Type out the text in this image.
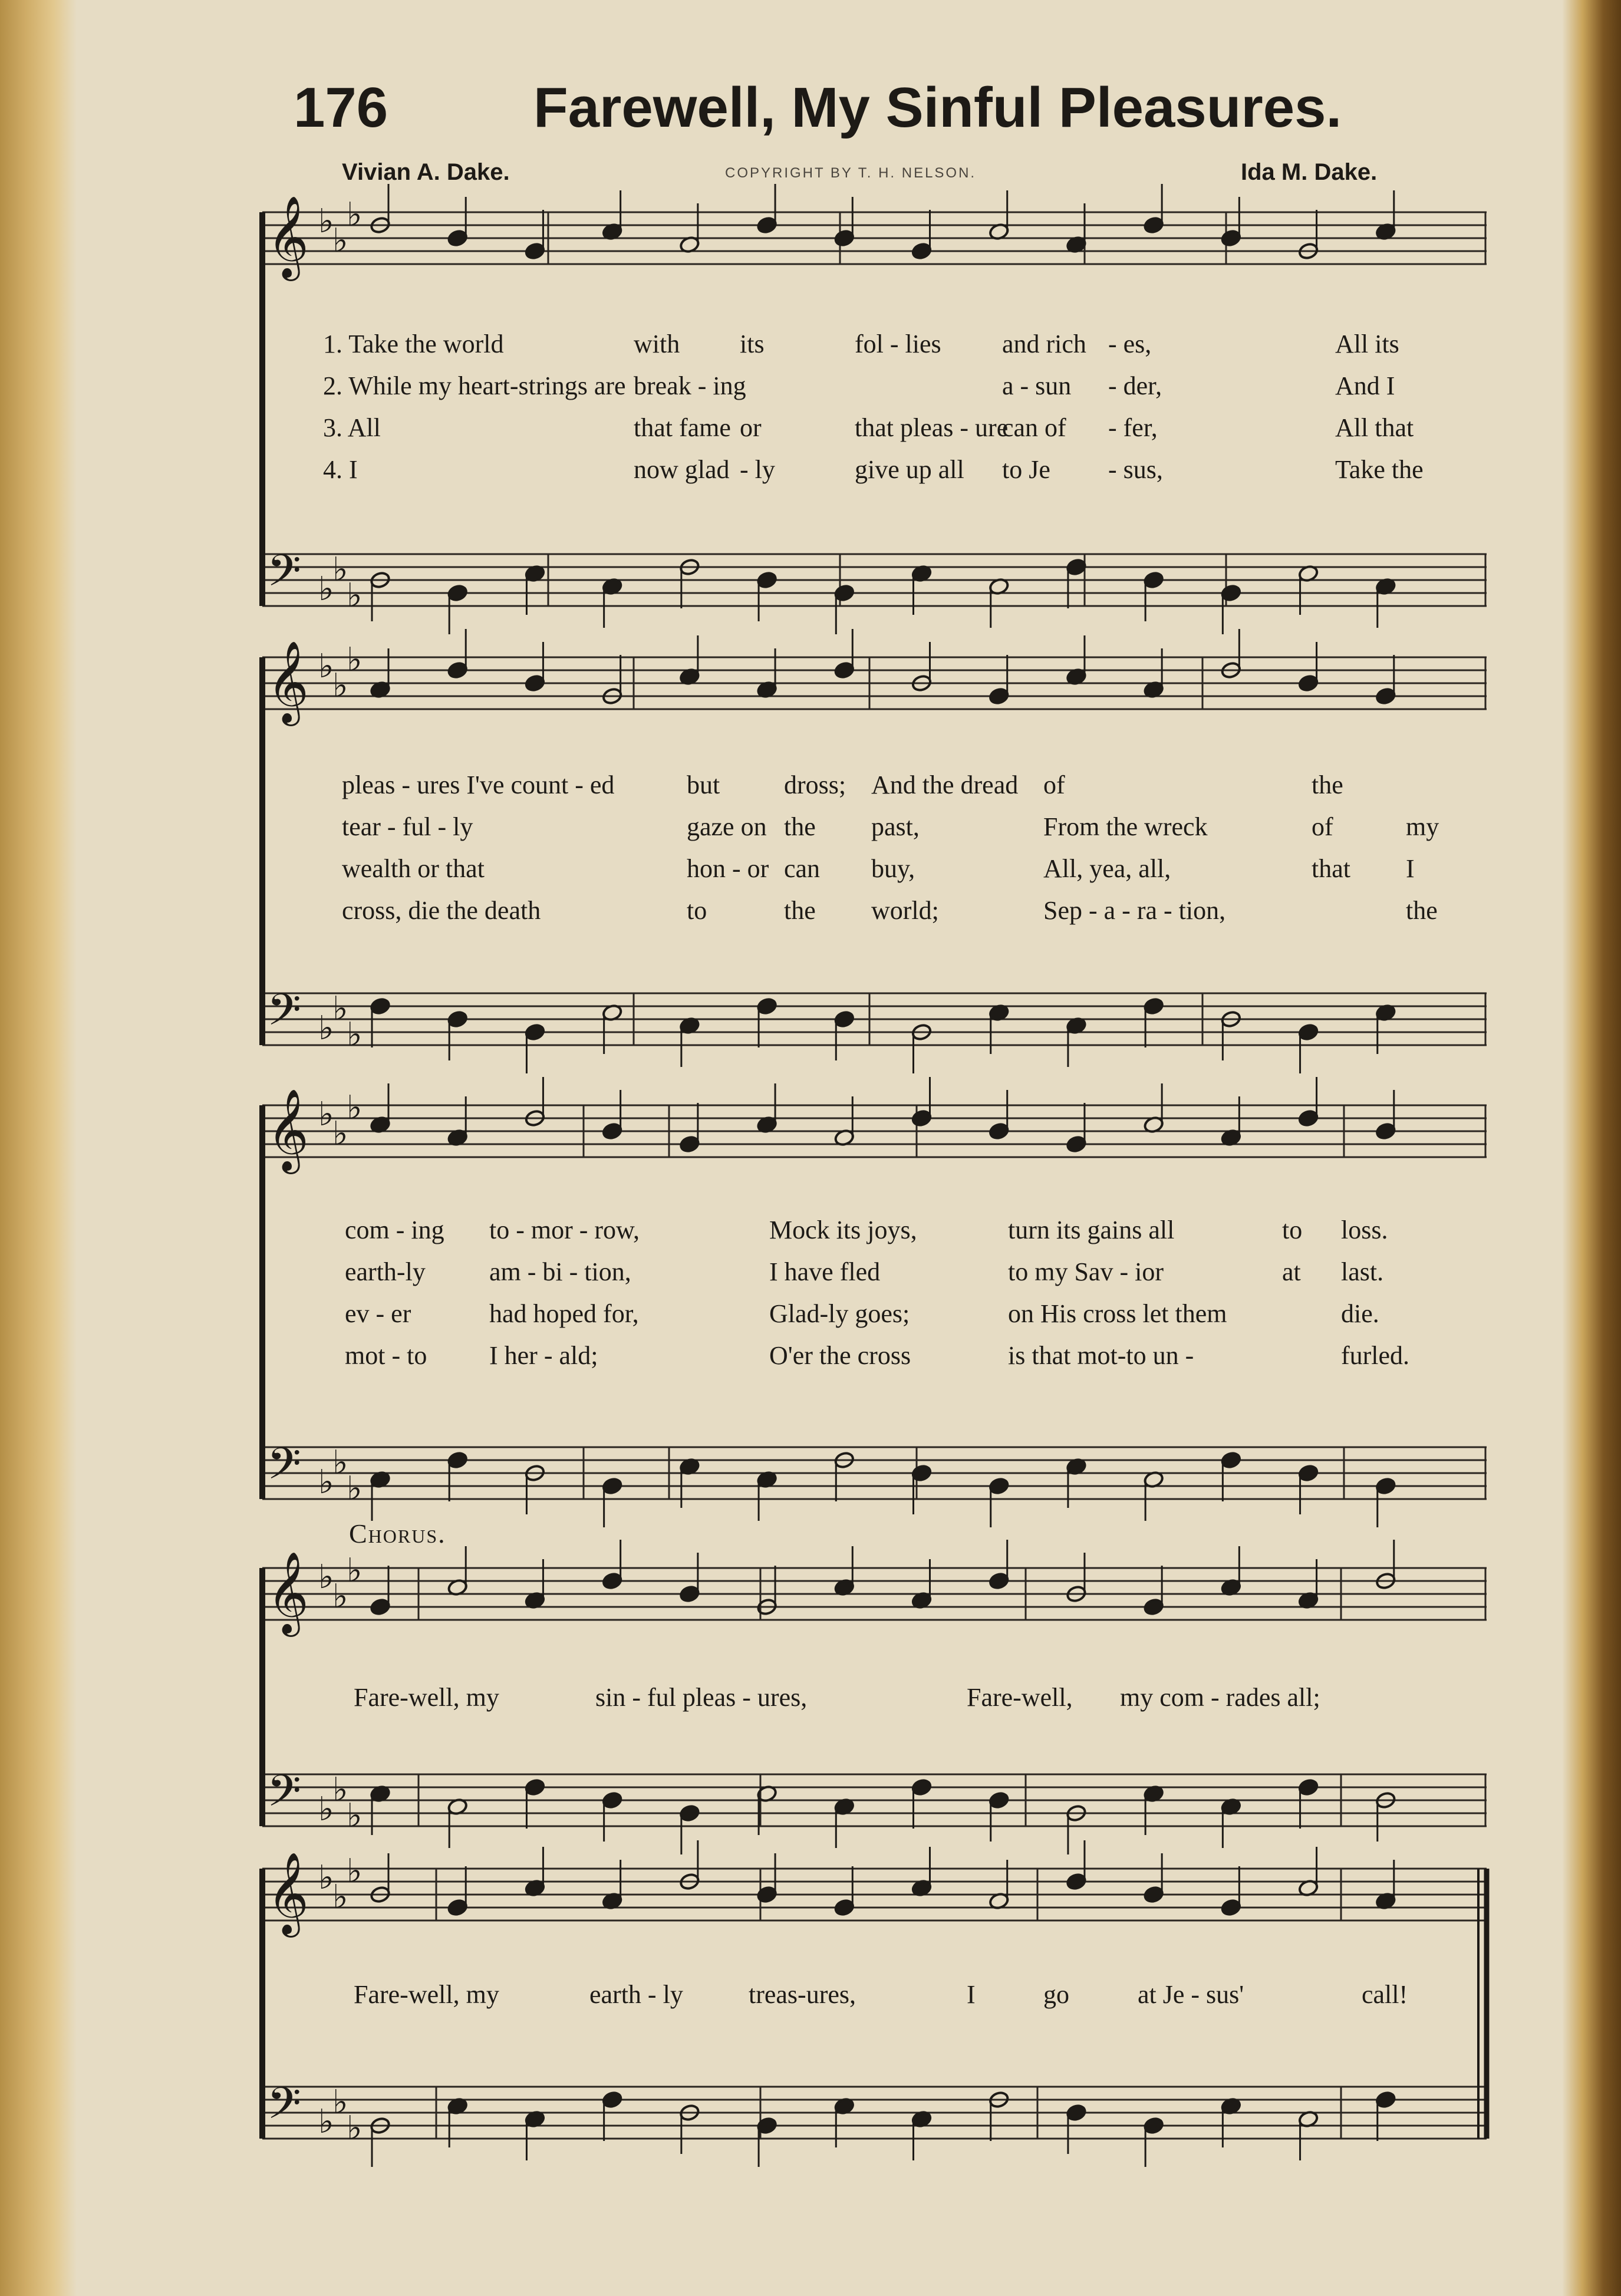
176	Farewell, My Sinful Pleasures.
Vivian A. Dake.	COPYRIGHT BY T. H. NELSON.	Ida M. Dake.
𝄞 ♭
♭
♭
𝄢 ♭
♭
♭
𝄞 ♭
♭
♭
𝄢 ♭
♭
♭
𝄞 ♭
♭
♭
𝄢 ♭
♭
♭
𝄞 ♭
♭
♭
𝄢 ♭
♭
♭
𝄞 ♭
♭
♭
𝄢 ♭
♭
♭
1. Take the world	with its	fol - lies and rich - es,	All its
2. While my heart-strings are break - ing	a - sun - der,	And I
3. All	that fame or	that pleas - ure
can of - fer,	All that
4. I	now glad - ly	give up all to Je - sus,	Take the
pleas - ures I've count - ed	but dross; And the dread of	the
tear - ful - ly	gaze on the past,	From the wreck	of	my
wealth or that	hon - or can buy,	All, yea, all,	that I
cross, die the death	to	the world;	Sep - a - ra - tion,	the
com - ing to - mor - row,	Mock its joys,	turn its gains all	to loss.
earth-ly am - bi - tion,	I have fled	to my Sav - ior	at last.
ev - er	had hoped for,	Glad-ly goes;	on His cross let them	die.
mot - to I her - ald;	O'er the cross	is that mot-to un -	furled.
Fare-well, my	sin - ful pleas - ures,	Fare-well, my com - rades all;
Fare-well, my	earth - ly	treas-ures,	I	go	at Je - sus'	call!
Chorus.
